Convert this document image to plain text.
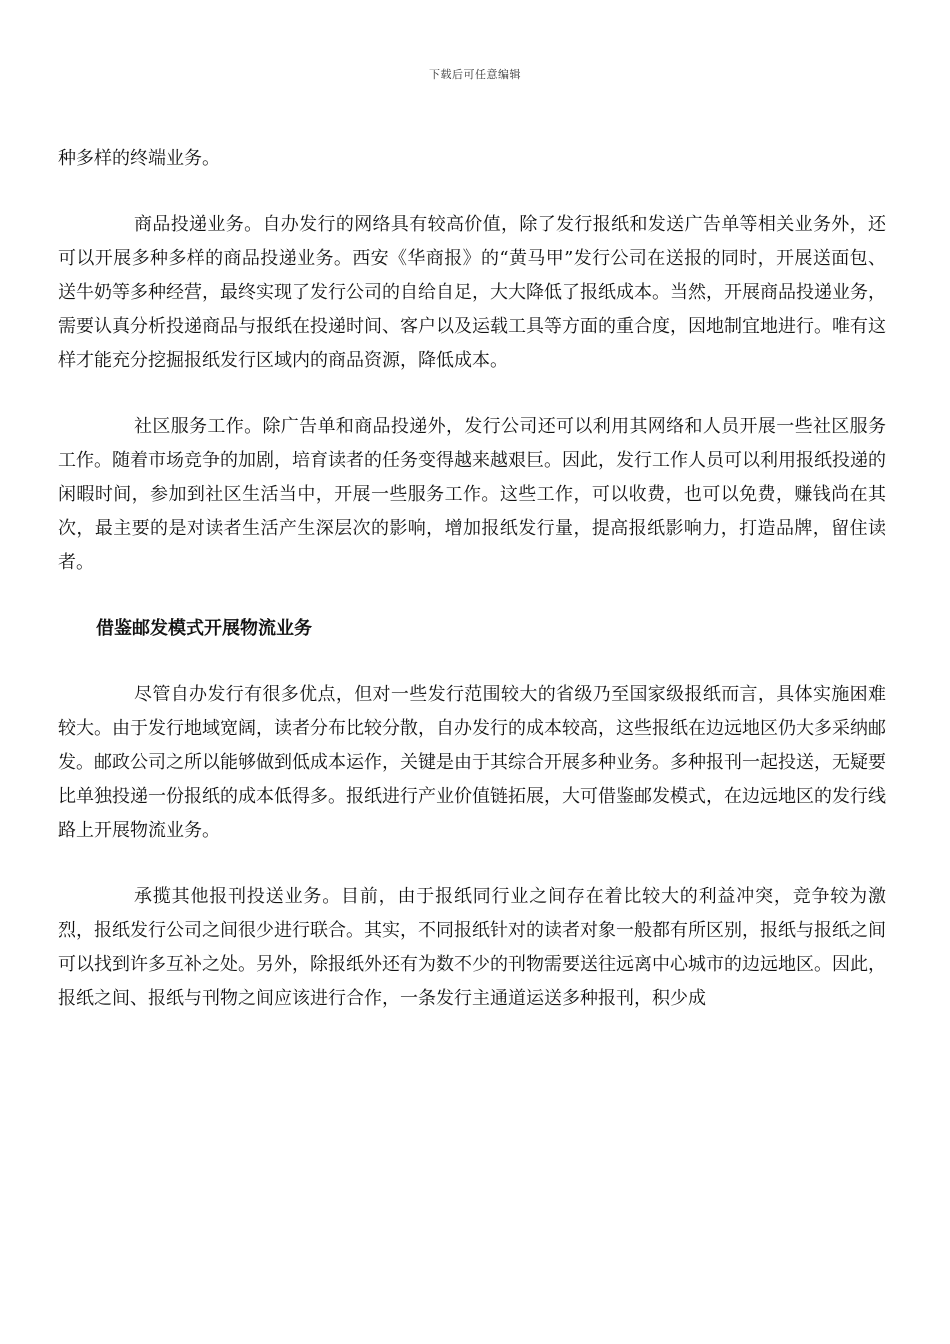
下载后可任意编辑

种多样的终端业务。

商品投递业务。自办发行的网络具有较高价值，除了发行报纸和发送广告单等相关业务外，还可以开展多种多样的商品投递业务。西安《华商报》的“黄马甲”发行公司在送报的同时，开展送面包、送牛奶等多种经营，最终实现了发行公司的自给自足，大大降低了报纸成本。当然，开展商品投递业务，需要认真分析投递商品与报纸在投递时间、客户以及运载工具等方面的重合度，因地制宜地进行。唯有这样才能充分挖掘报纸发行区域内的商品资源，降低成本。

社区服务工作。除广告单和商品投递外，发行公司还可以利用其网络和人员开展一些社区服务工作。随着市场竞争的加剧，培育读者的任务变得越来越艰巨。因此，发行工作人员可以利用报纸投递的闲暇时间，参加到社区生活当中，开展一些服务工作。这些工作，可以收费，也可以免费，赚钱尚在其次，最主要的是对读者生活产生深层次的影响，增加报纸发行量，提高报纸影响力，打造品牌，留住读者。

借鉴邮发模式开展物流业务

尽管自办发行有很多优点，但对一些发行范围较大的省级乃至国家级报纸而言，具体实施困难较大。由于发行地域宽阔，读者分布比较分散，自办发行的成本较高，这些报纸在边远地区仍大多采纳邮发。邮政公司之所以能够做到低成本运作，关键是由于其综合开展多种业务。多种报刊一起投送，无疑要比单独投递一份报纸的成本低得多。报纸进行产业价值链拓展，大可借鉴邮发模式，在边远地区的发行线路上开展物流业务。

承揽其他报刊投送业务。目前，由于报纸同行业之间存在着比较大的利益冲突，竞争较为激烈，报纸发行公司之间很少进行联合。其实，不同报纸针对的读者对象一般都有所区别，报纸与报纸之间可以找到许多互补之处。另外，除报纸外还有为数不少的刊物需要送往远离中心城市的边远地区。因此，报纸之间、报纸与刊物之间应该进行合作，一条发行主通道运送多种报刊，积少成
